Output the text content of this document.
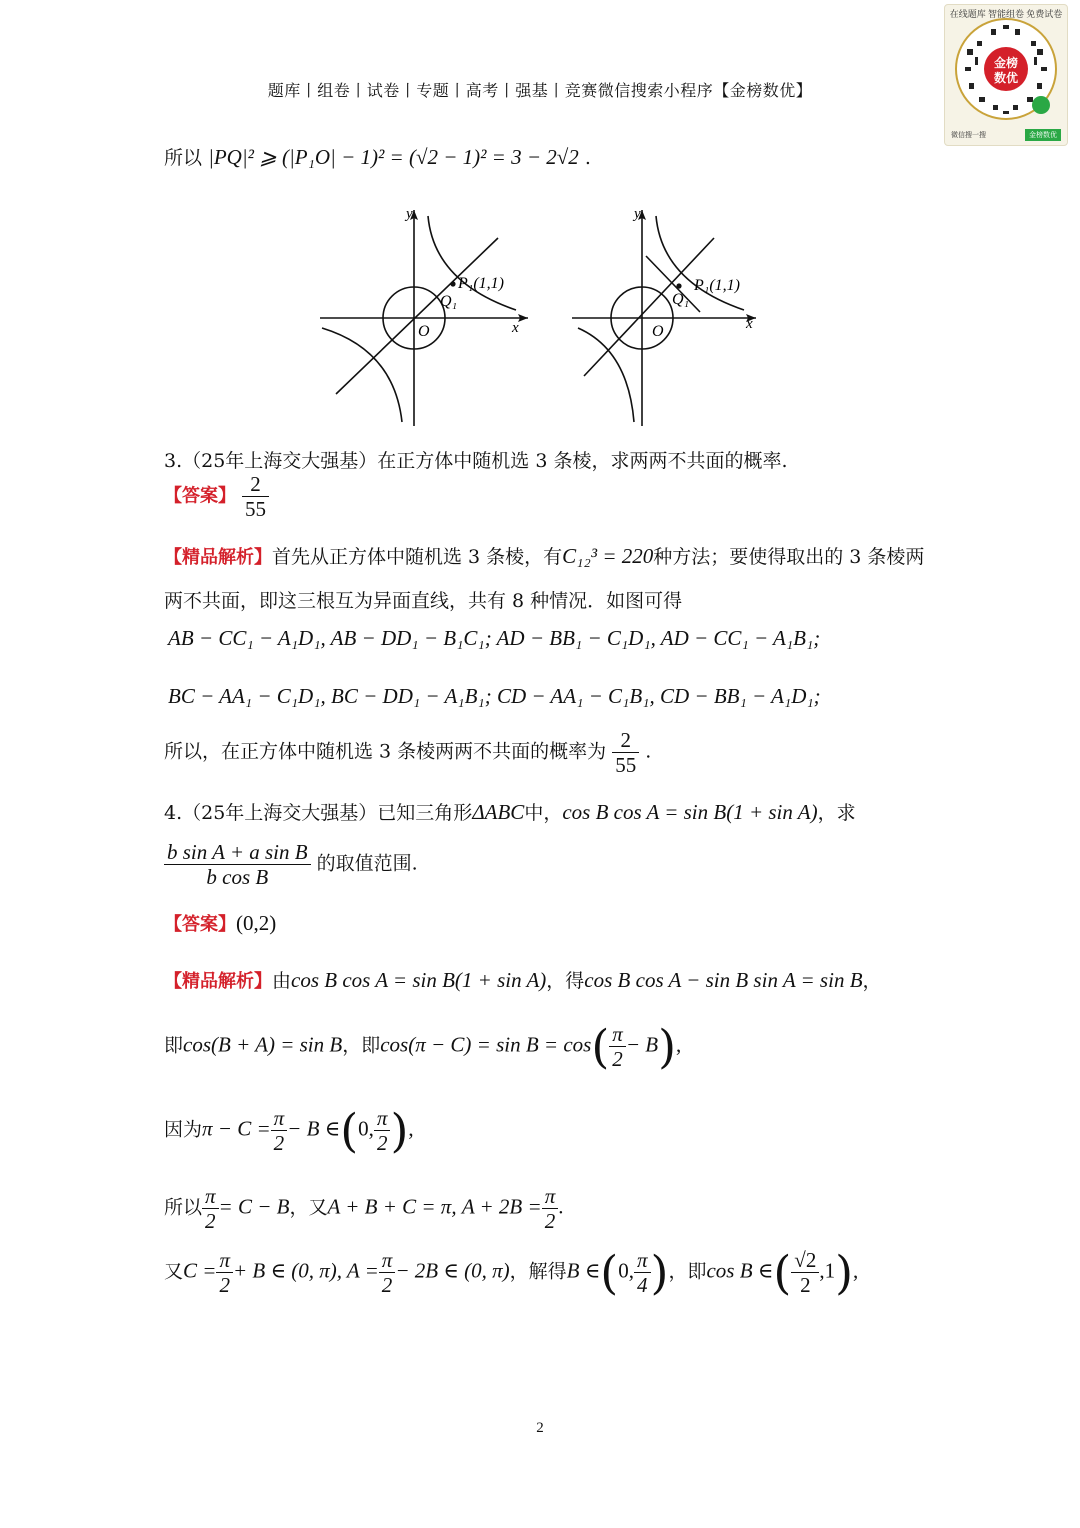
题库丨组卷丨试卷丨专题丨高考丨强基丨竞赛微信搜索小程序【金榜数优】
金榜
数优
在线题库 智能组卷 免费试卷
微信搜一搜	金榜数优
所以 |PQ|² ⩾ (|P₁O| − 1)² = (√2 − 1)² = 3 − 2√2 .
y
x
O
P₁(1,1)
Q₁
y
x
O
P₁(1,1)
Q₁
3.（25年上海交大强基）在正方体中随机选 3 条棱，求两两不共面的概率.
【答案】 $\frac{2}{55}$
【精品解析】首先从正方体中随机选 3 条棱，有C₁₂³ = 220种方法；要使得取出的 3 条棱两
两不共面，即这三根互为异面直线，共有 8 种情况．如图可得
AB − CC₁ − A₁D₁, AB − DD₁ − B₁C₁; AD − BB₁ − C₁D₁, AD − CC₁ − A₁B₁;
BC − AA₁ − C₁D₁, BC − DD₁ − A₁B₁; CD − AA₁ − C₁B₁, CD − BB₁ − A₁D₁;
所以，在正方体中随机选 3 条棱两两不共面的概率为 $\frac{2}{55}$ .
4.（25年上海交大强基）已知三角形ΔABC中，cos B cos A = sin B(1 + sin A)，求
$\frac{\text{b sin A + a sin B}}{\text{b cos B}}$ 的取值范围.
【答案】(0,2)
【精品解析】由cos B cos A = sin B(1 + sin A)，得cos B cos A − sin B sin A = sin B，
即cos(B + A) = sin B，即$\cos(\pi - C) = \sin B = \cos( \frac{\pi}{2} - B)$,
因为$\pi - C = \frac{\pi}{2} - B$ ∈(0, $\frac{\pi}{2}$ ),
所以 $\frac{\pi}{2} = C - B$，又A + B + C = π, $A + 2B = \frac{\pi}{2}$ .
又$C = \frac{\pi}{2} + B$ ∈ (0, π), $A = \frac{\pi}{2} - 2B$ ∈ (0, π)，解得B ∈(0, $\frac{\pi}{4}$ )，即cos B ∈( $\frac{√2}{2} ,1$),
2
